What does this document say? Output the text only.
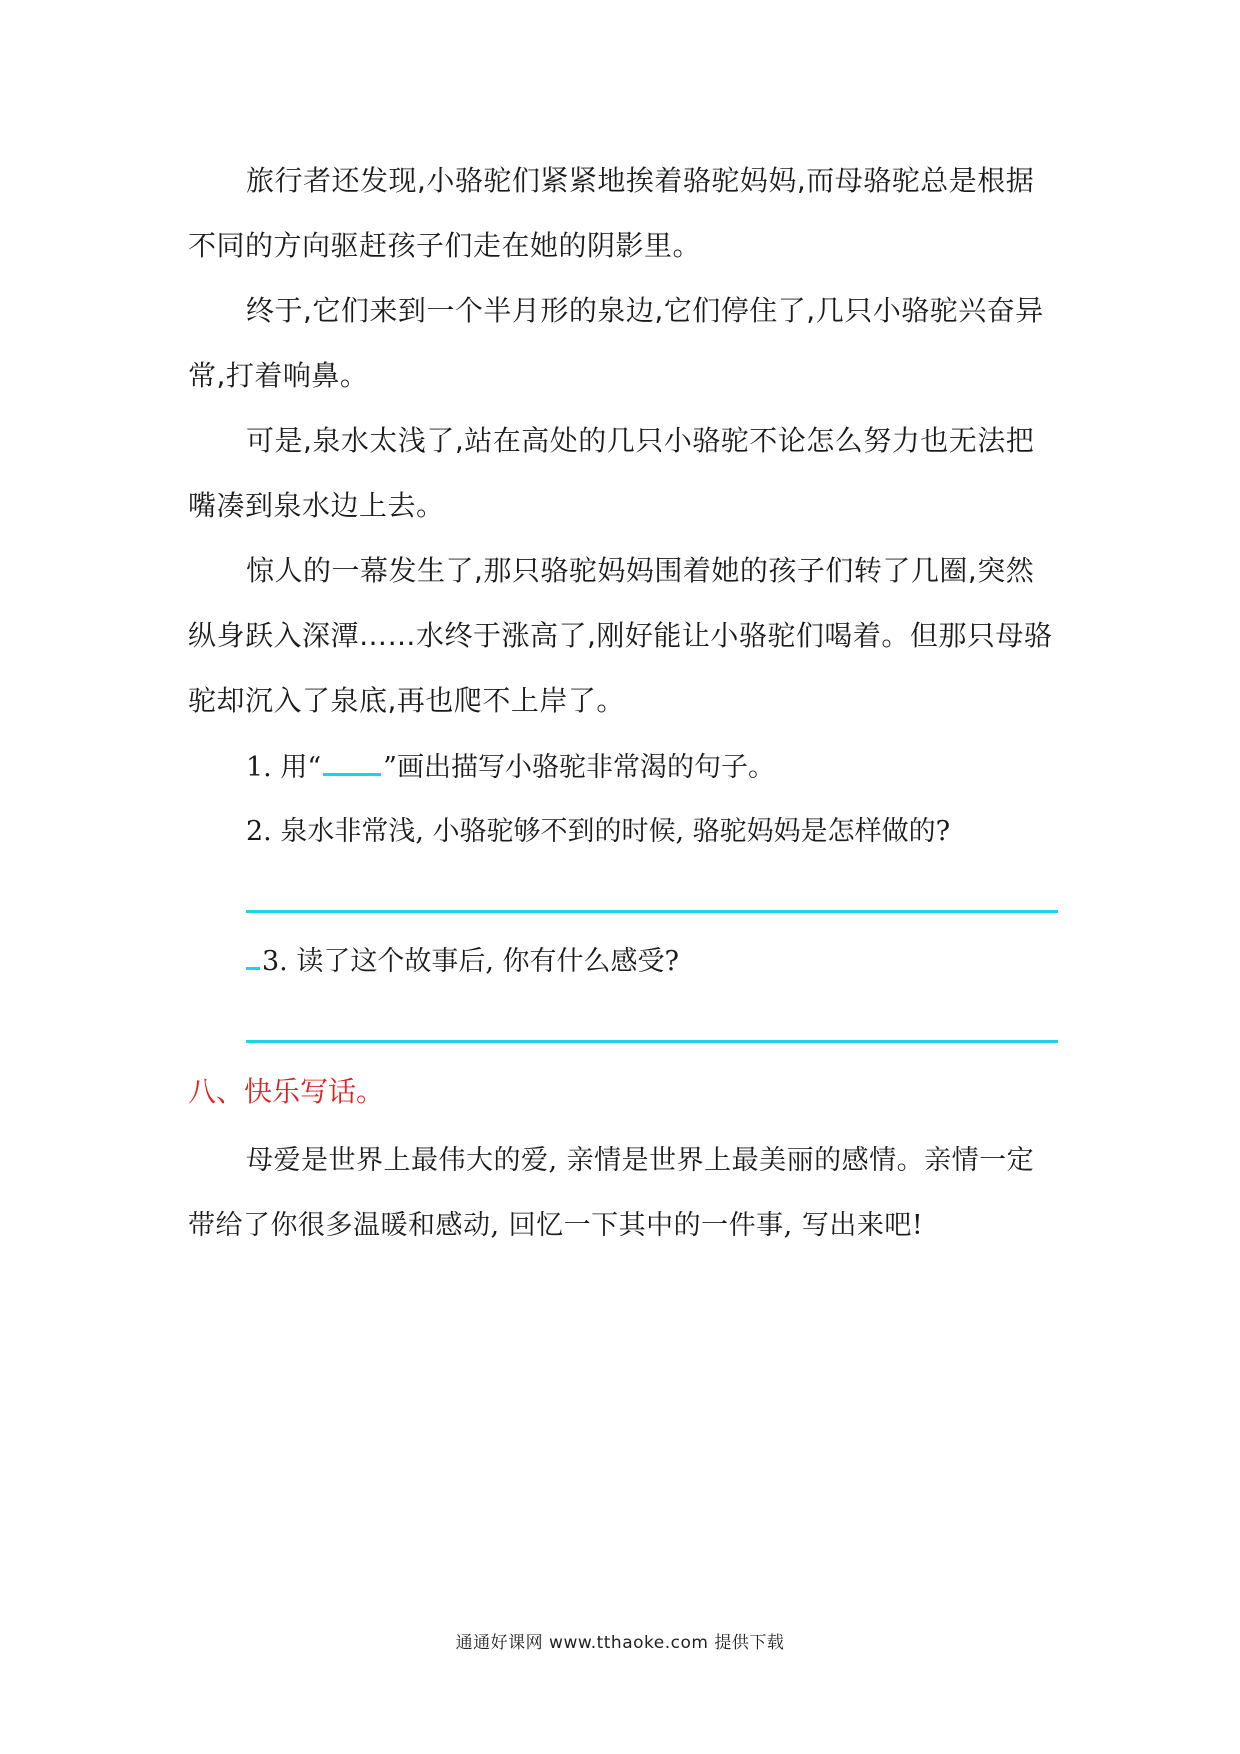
旅行者还发现,小骆驼们紧紧地挨着骆驼妈妈,而母骆驼总是根据不同的方向驱赶孩子们走在她的阴影里。

终于,它们来到一个半月形的泉边,它们停住了,几只小骆驼兴奋异常,打着响鼻。

可是,泉水太浅了,站在高处的几只小骆驼不论怎么努力也无法把嘴凑到泉水边上去。

惊人的一幕发生了,那只骆驼妈妈围着她的孩子们转了几圈,突然纵身跃入深潭……水终于涨高了,刚好能让小骆驼们喝着。但那只母骆驼却沉入了泉底,再也爬不上岸了。

1. 用“ ”画出描写小骆驼非常渴的句子。

2. 泉水非常浅, 小骆驼够不到的时候, 骆驼妈妈是怎样做的?

3. 读了这个故事后, 你有什么感受?

八、快乐写话。

母爱是世界上最伟大的爱, 亲情是世界上最美丽的感情。亲情一定带给了你很多温暖和感动, 回忆一下其中的一件事, 写出来吧!

通通好课网 www.tthaoke.com 提供下载
